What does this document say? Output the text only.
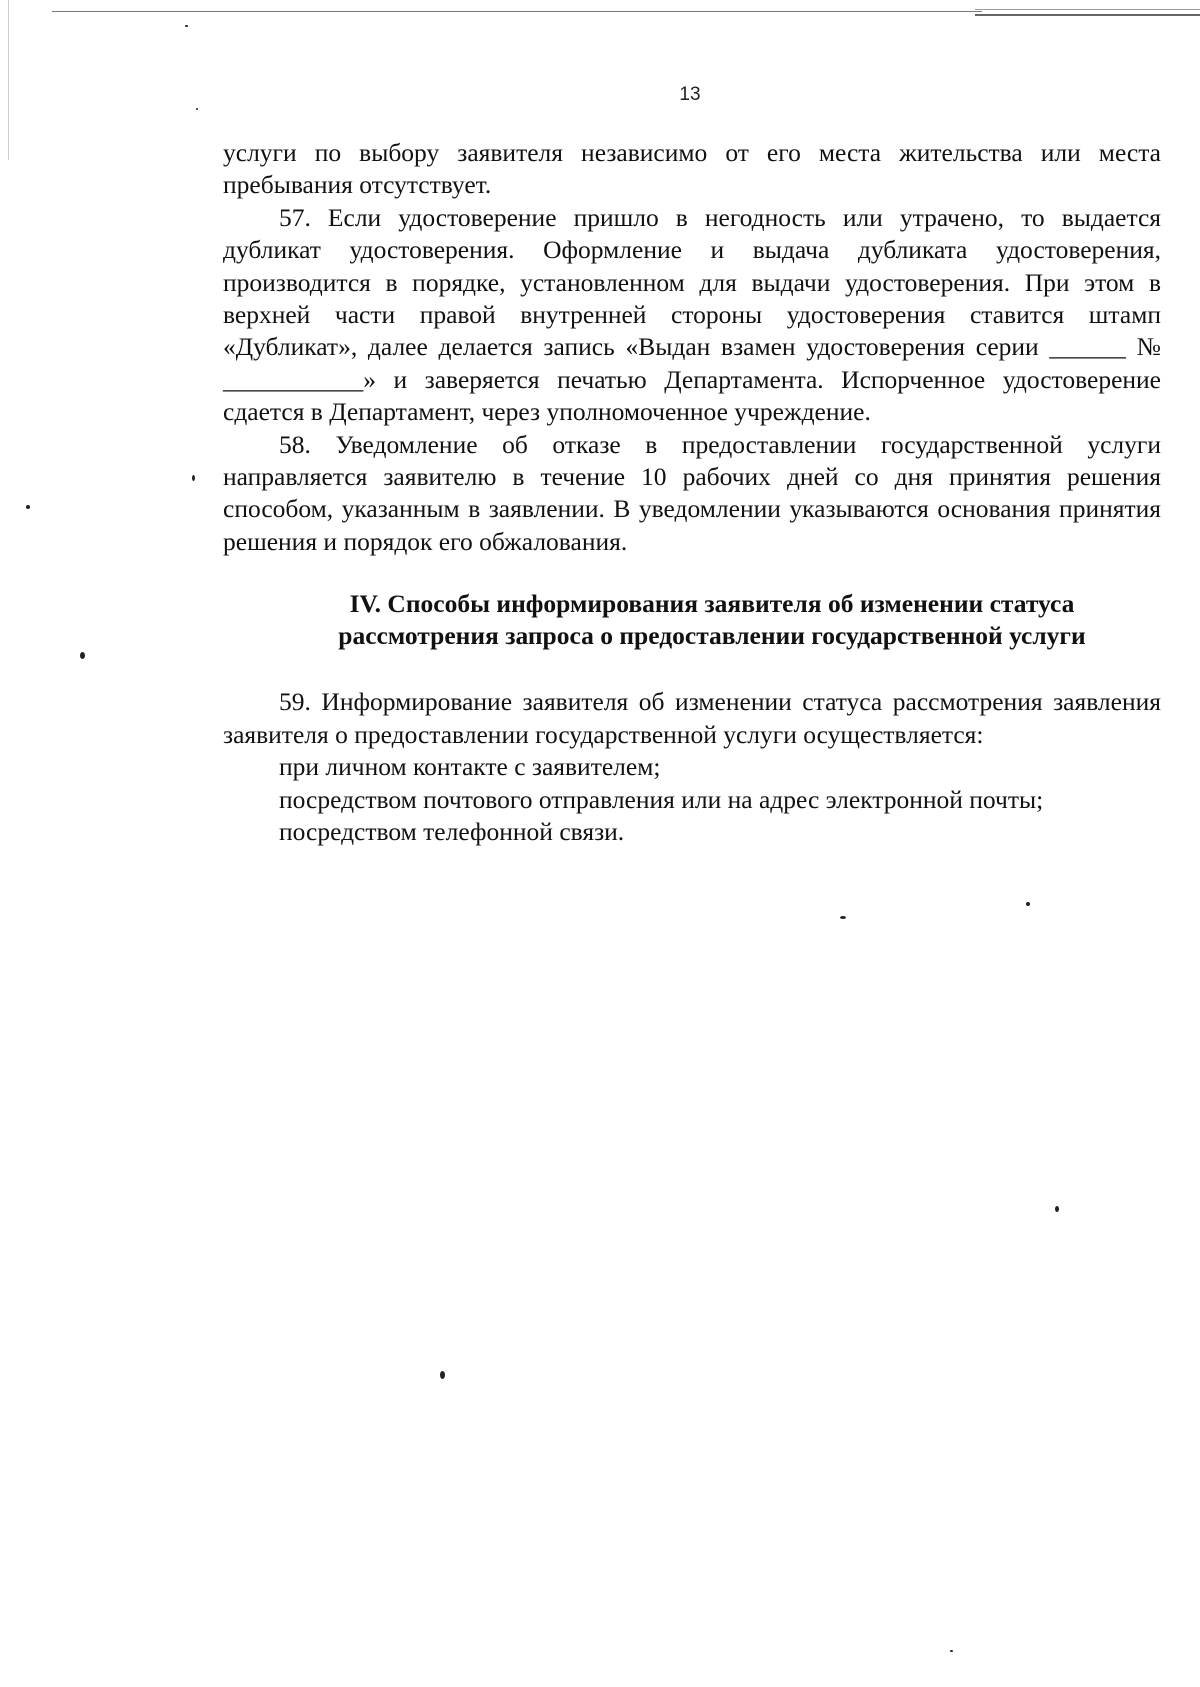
13

услуги по выбору заявителя независимо от его места жительства или места пребывания отсутствует.

57. Если удостоверение пришло в негодность или утрачено, то выдается дубликат удостоверения. Оформление и выдача дубликата удостоверения, производится в порядке, установленном для выдачи удостоверения. При этом в верхней части правой внутренней стороны удостоверения ставится штамп «Дубликат», далее делается запись «Выдан взамен удостоверения серии ______ № ___________» и заверяется печатью Департамента. Испорченное удостоверение сдается в Департамент, через уполномоченное учреждение.

58. Уведомление об отказе в предоставлении государственной услуги направляется заявителю в течение 10 рабочих дней со дня принятия решения способом, указанным в заявлении. В уведомлении указываются основания принятия решения и порядок его обжалования.

IV. Способы информирования заявителя об изменении статуса
рассмотрения запроса о предоставлении государственной услуги

59. Информирование заявителя об изменении статуса рассмотрения заявления заявителя о предоставлении государственной услуги осуществляется:

при личном контакте с заявителем;

посредством почтового отправления или на адрес электронной почты;

посредством телефонной связи.
